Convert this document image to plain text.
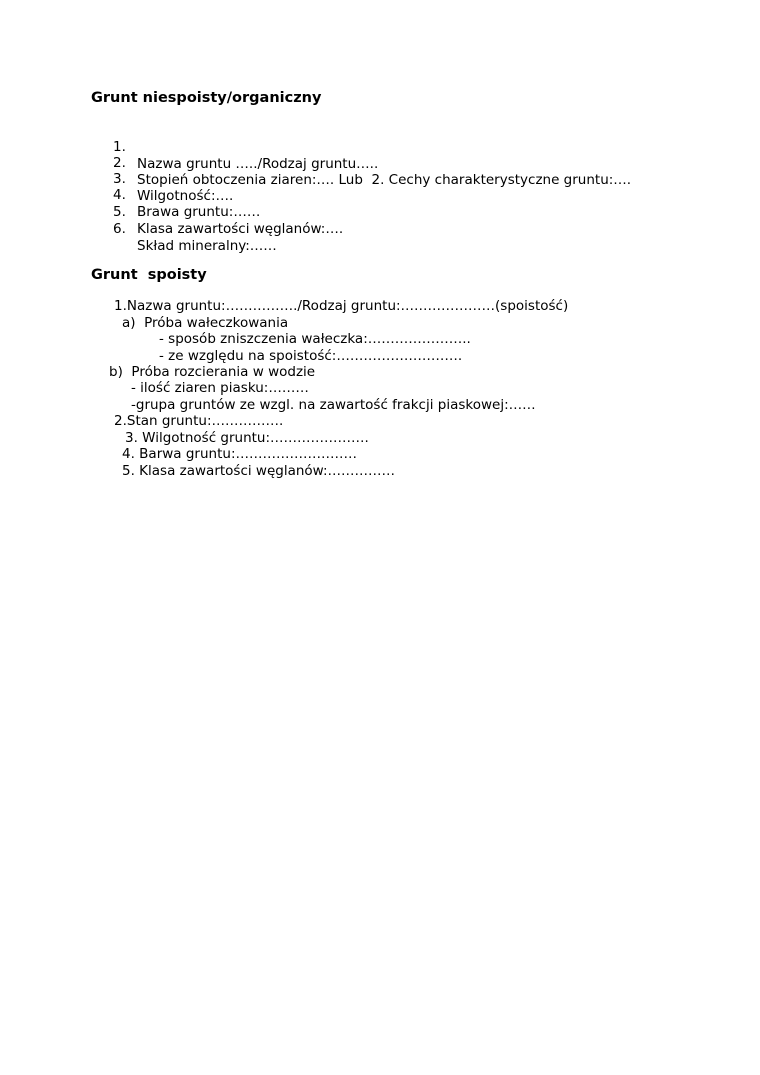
Grunt niespoisty/organiczny

1.

Nazwa gruntu …../Rodzaj gruntu…..

2.

Stopień obtoczenia ziaren:…. Lub  2. Cechy charakterystyczne gruntu:….

3.

Wilgotność:….

4.

Brawa gruntu:……

5.

Klasa zawartości węglanów:….

6.

Skład mineralny:……

Grunt  spoisty
1.Nazwa gruntu:……………./Rodzaj gruntu:…………………(spoistość)
a)  Próba wałeczkowania
- sposób zniszczenia wałeczka:…………………..
- ze względu na spoistość:……………………….
b)  Próba rozcierania w wodzie
- ilość ziaren piasku:………
-grupa gruntów ze wzgl. na zawartość frakcji piaskowej:……
2.Stan gruntu:…………….
3. Wilgotność gruntu:………………….
4. Barwa gruntu:………………………
5. Klasa zawartości węglanów:……………
